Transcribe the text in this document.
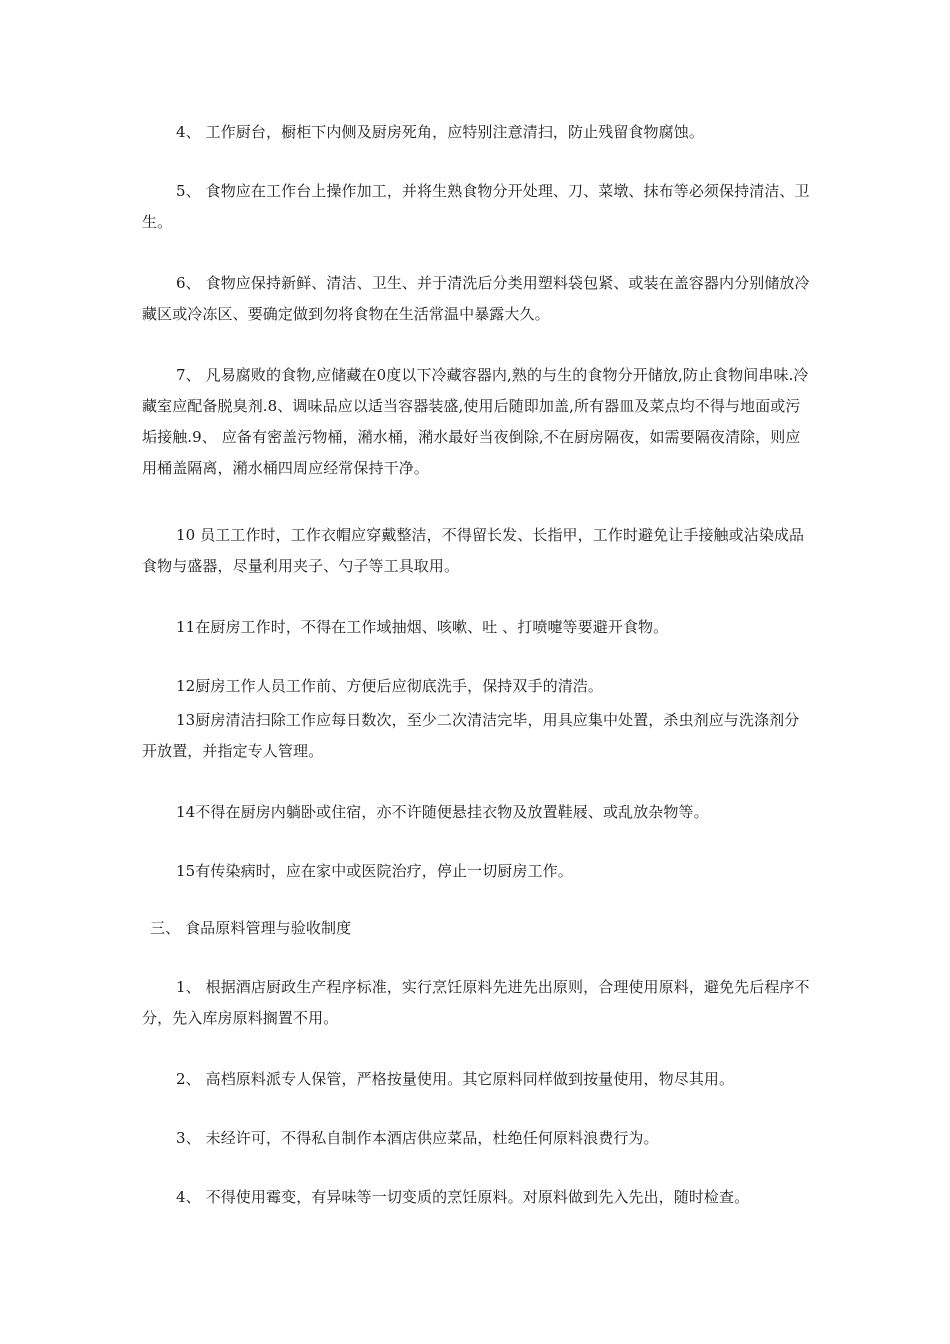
4、 工作厨台，橱柜下内侧及厨房死角，应特别注意清扫，防止残留食物腐蚀。

5、 食物应在工作台上操作加工，并将生熟食物分开处理、刀、菜墩、抹布等必须保持清洁、卫生。

6、 食物应保持新鲜、清洁、卫生、并于清洗后分类用塑料袋包紧、或装在盖容器内分别储放冷藏区或冷冻区、要确定做到勿将食物在生活常温中暴露大久。

7、 凡易腐败的食物,应储藏在0度以下冷藏容器内,熟的与生的食物分开储放,防止食物间串味.冷藏室应配备脱臭剂.8、调味品应以适当容器装盛,使用后随即加盖,所有器皿及菜点均不得与地面或污垢接触.9、 应备有密盖污物桶，潲水桶，潲水最好当夜倒除,不在厨房隔夜，如需要隔夜清除，则应用桶盖隔离，潲水桶四周应经常保持干净。

10 员工工作时，工作衣帽应穿戴整洁，不得留长发、长指甲，工作时避免让手接触或沾染成品食物与盛器，尽量利用夹子、勺子等工具取用。

11在厨房工作时，不得在工作域抽烟、咳嗽、吐 、打喷嚏等要避开食物。

12厨房工作人员工作前、方便后应彻底洗手，保持双手的清浩。

13厨房清洁扫除工作应每日数次，至少二次清洁完毕，用具应集中处置，杀虫剂应与洗涤剂分开放置，并指定专人管理。

14不得在厨房内躺卧或住宿，亦不许随便悬挂衣物及放置鞋屐、或乱放杂物等。

15有传染病时，应在家中或医院治疗，停止一切厨房工作。

三、 食品原料管理与验收制度

1、 根据酒店厨政生产程序标准，实行烹饪原料先进先出原则，合理使用原料，避免先后程序不分，先入库房原料搁置不用。

2、 高档原料派专人保管，严格按量使用。其它原料同样做到按量使用，物尽其用。

3、 未经许可，不得私自制作本酒店供应菜品，杜绝任何原料浪费行为。

4、 不得使用霉变，有异味等一切变质的烹饪原料。对原料做到先入先出，随时检查。
